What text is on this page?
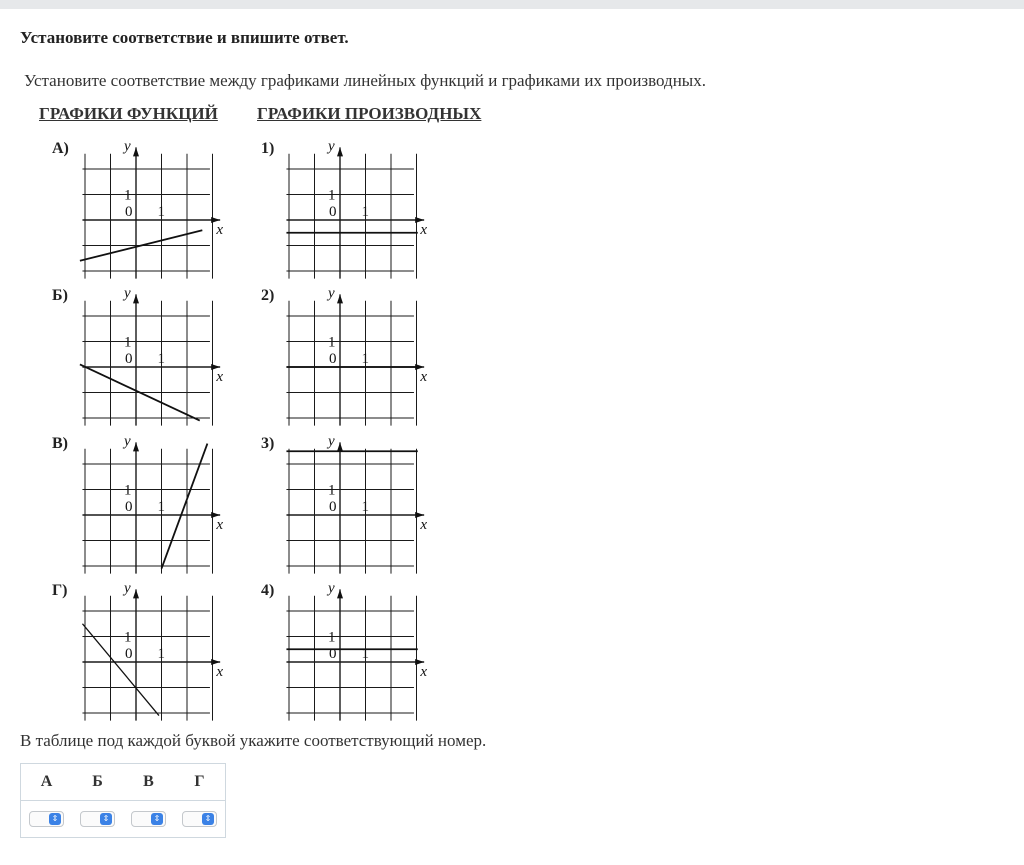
Установите соответствие и впишите ответ.
Установите соответствие между графиками линейных функций и графиками их производных.
ГРАФИКИ ФУНКЦИЙ ГРАФИКИ ПРОИЗВОДНЫХ
А)	y
x
0 1
1
Б)	y
x
0 1
1
В)	y
x
0 1
1
Г)	y
x
0 1
1
1)	y
x
0 1
1
2)	y
x
0 1
1
3)	y
x
0 1
1
4)	y
x
0 1
1
В таблице под каждой буквой укажите соответствующий номер.
А	Б	В	Г
⇕	⇕	⇕	⇕
